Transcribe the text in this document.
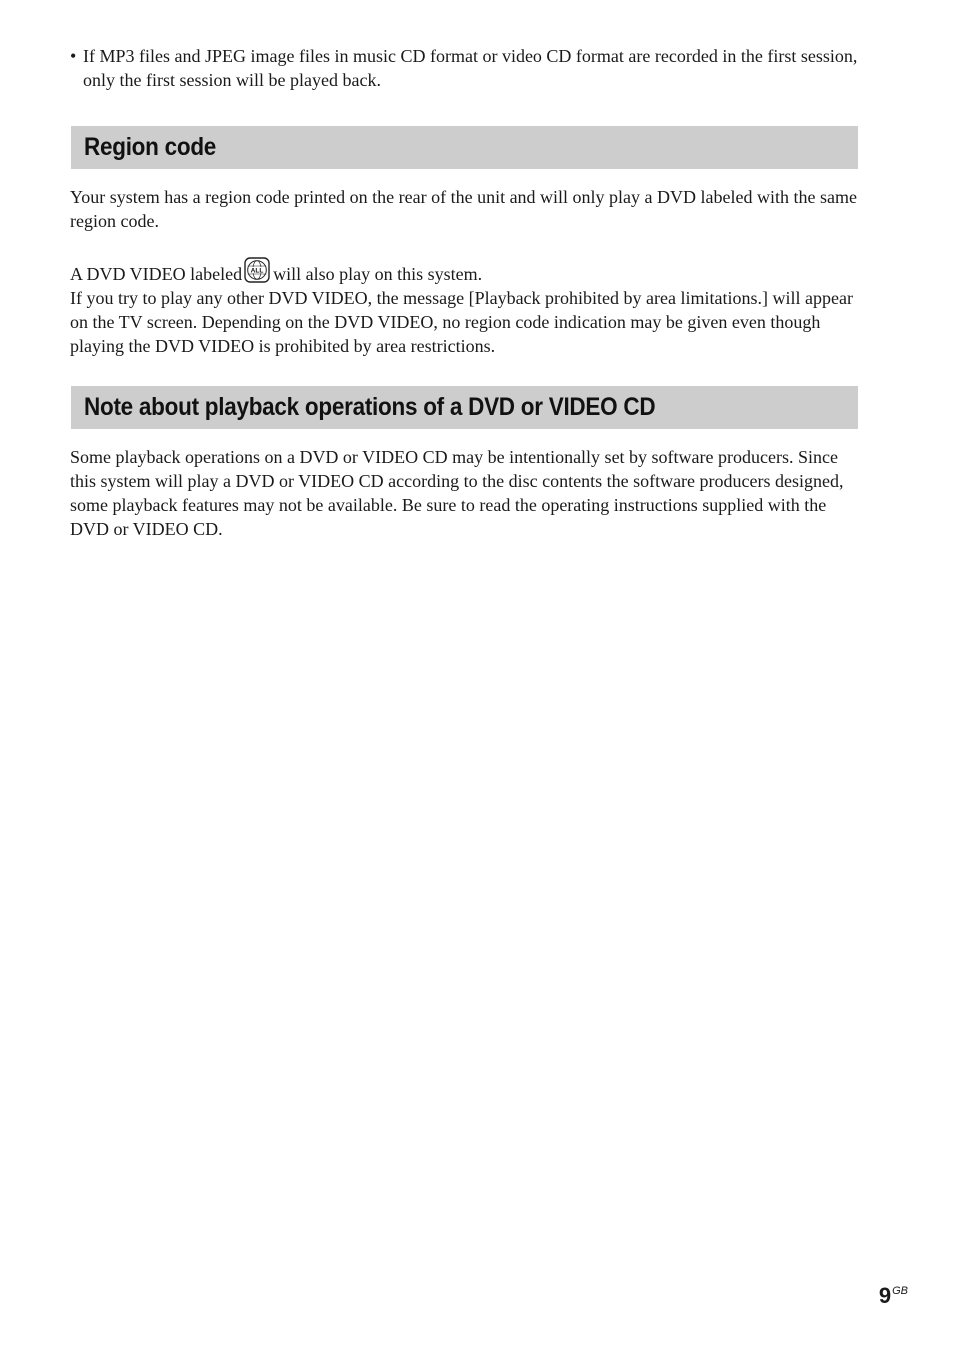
• If MP3 files and JPEG image files in music CD format or video CD format are recorded in the first session, only the first session will be played back.
Region code

Your system has a region code printed on the rear of the unit and will only play a DVD labeled with the same region code.

A DVD VIDEO labeled ALL will also play on this system.
If you try to play any other DVD VIDEO, the message [Playback prohibited by area limitations.] will appear on the TV screen. Depending on the DVD VIDEO, no region code indication may be given even though playing the DVD VIDEO is prohibited by area restrictions.

Note about playback operations of a DVD or VIDEO CD

Some playback operations on a DVD or VIDEO CD may be intentionally set by software producers. Since this system will play a DVD or VIDEO CD according to the disc contents the software producers designed, some playback features may not be available. Be sure to read the operating instructions supplied with the DVD or VIDEO CD.

$9^{GB}$
